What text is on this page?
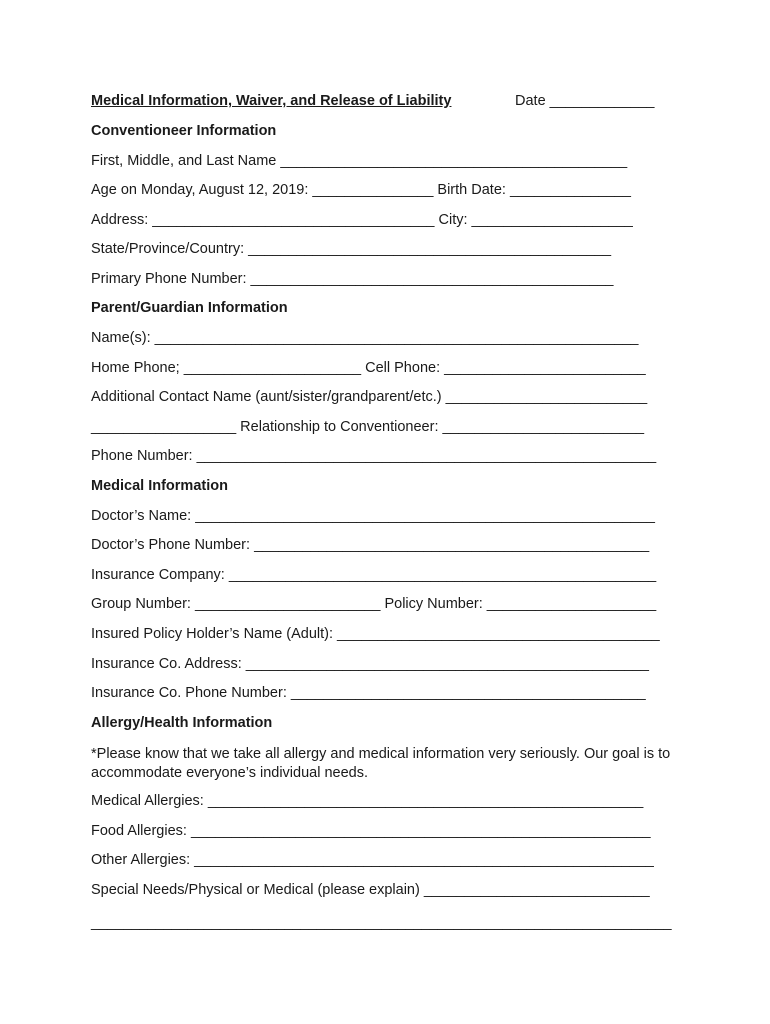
Medical Information, Waiver, and Release of Liability	Date _____________
Conventioneer Information
First, Middle, and Last Name ___________________________________________
Age on Monday, August 12, 2019: _______________ Birth Date: _______________
Address: ___________________________________ City: ____________________
State/Province/Country: _____________________________________________
Primary Phone Number: _____________________________________________
Parent/Guardian Information
Name(s): ____________________________________________________________
Home Phone; ______________________ Cell Phone: _________________________
Additional Contact Name (aunt/sister/grandparent/etc.) _________________________
__________________ Relationship to Conventioneer: _________________________
Phone Number: _________________________________________________________
Medical Information
Doctor’s Name: _________________________________________________________
Doctor’s Phone Number: _________________________________________________
Insurance Company: _____________________________________________________
Group Number: _______________________ Policy Number: _____________________
Insured Policy Holder’s Name (Adult): ________________________________________
Insurance Co. Address: __________________________________________________
Insurance Co. Phone Number: ____________________________________________
Allergy/Health Information
*Please know that we take all allergy and medical information very seriously. Our goal is to accommodate everyone’s individual needs.
Medical Allergies: ______________________________________________________
Food Allergies: _________________________________________________________
Other Allergies: _________________________________________________________
Special Needs/Physical or Medical (please explain) ____________________________
________________________________________________________________________
